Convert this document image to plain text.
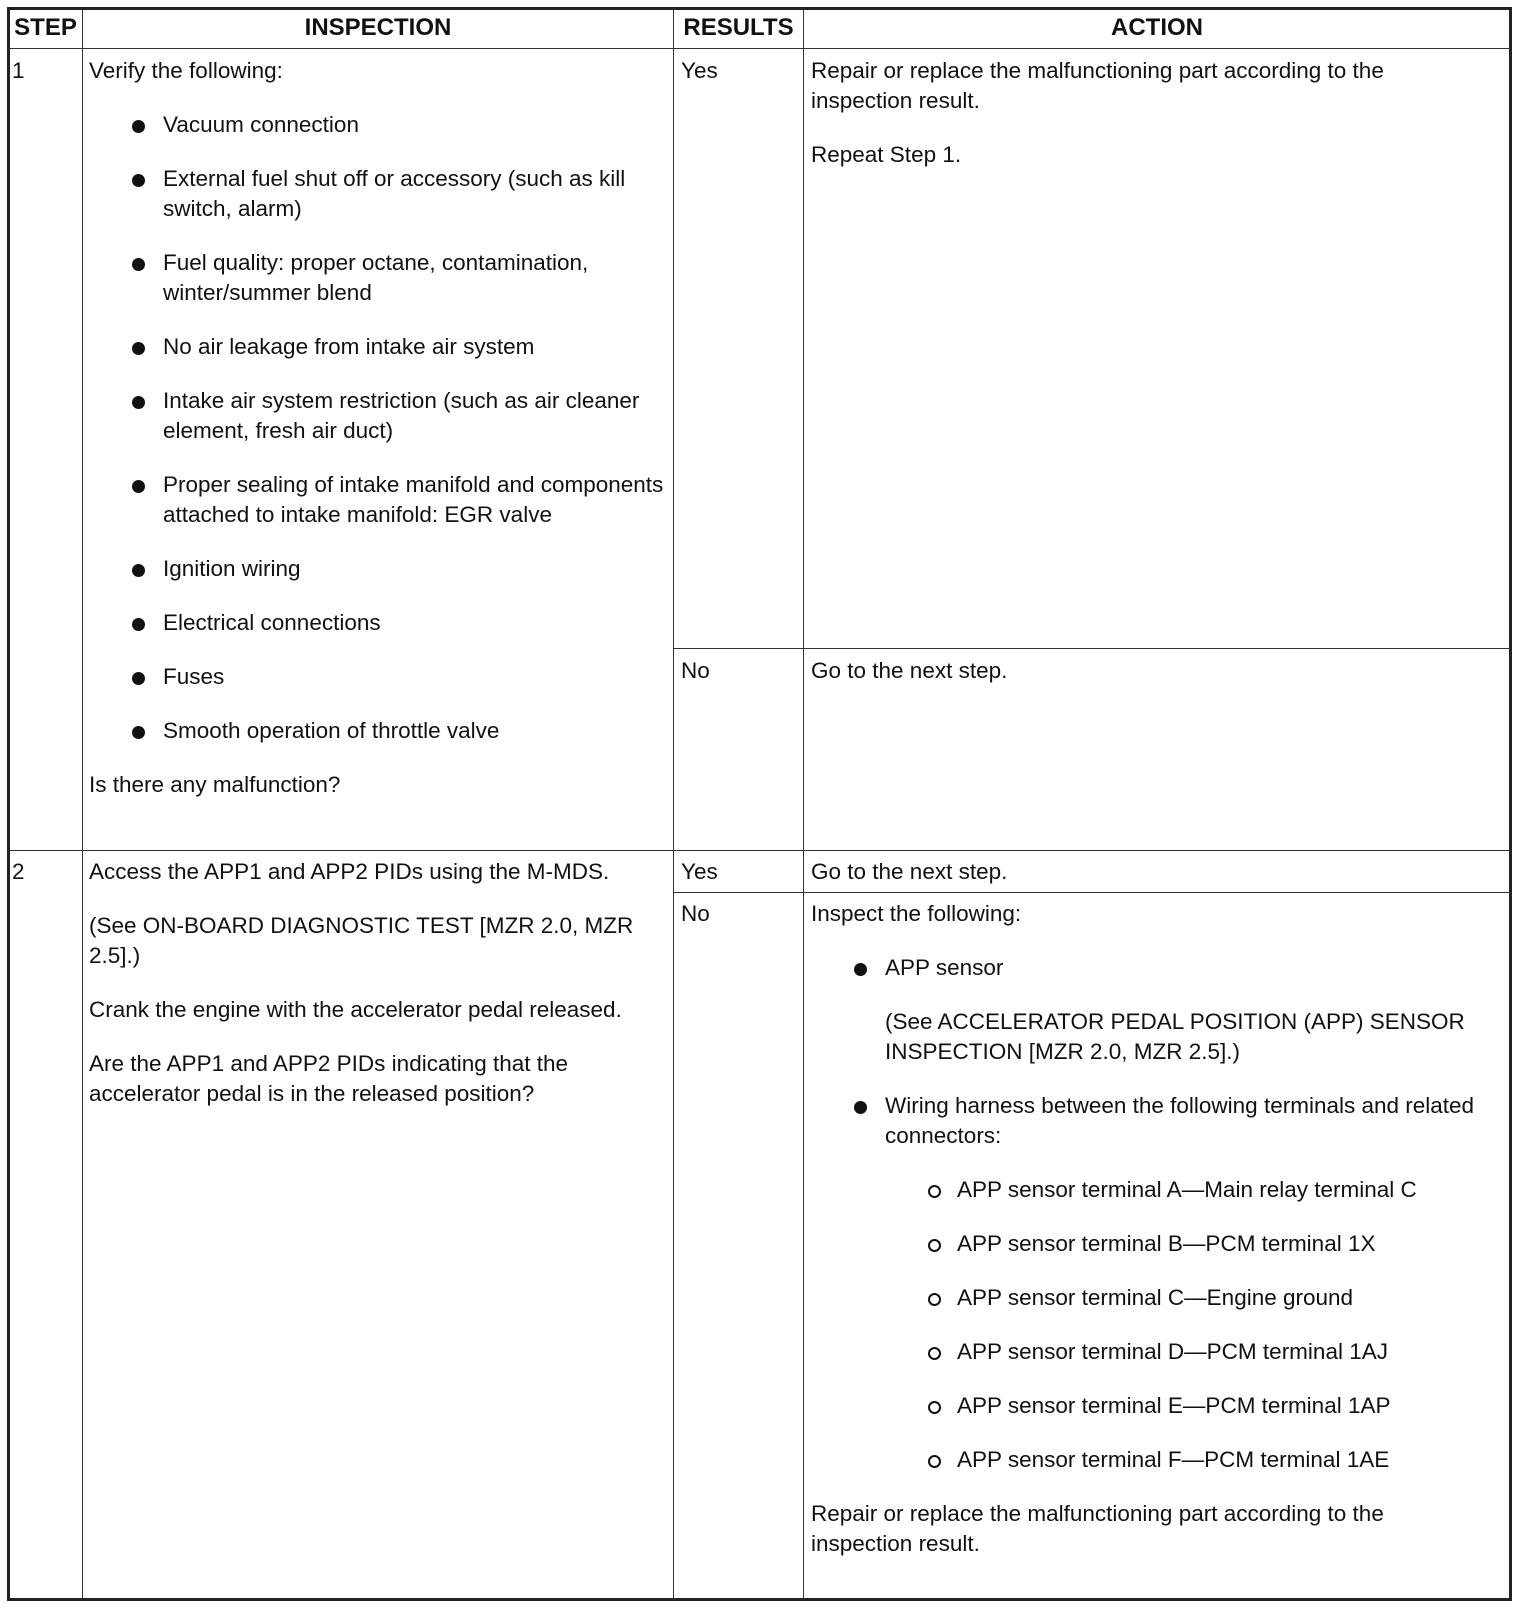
STEP	INSPECTION	RESULTS	ACTION
1	Verify the following:

Vacuum connection
External fuel shut off or accessory (such as kill switch, alarm)
Fuel quality: proper octane, contamination, winter/summer blend
No air leakage from intake air system
Intake air system restriction (such as air cleaner element, fresh air duct)
Proper sealing of intake manifold and components attached to intake manifold: EGR valve
Ignition wiring
Electrical connections
Fuses
Smooth operation of throttle valve

Is there any malfunction?

Yes	Repair or replace the malfunctioning part according to the inspection result.

Repeat Step 1.

No	Go to the next step.
2	Access the APP1 and APP2 PIDs using the M-MDS.

(See ON-BOARD DIAGNOSTIC TEST [MZR 2.0, MZR 2.5].)

Crank the engine with the accelerator pedal released.

Are the APP1 and APP2 PIDs indicating that the accelerator pedal is in the released position?

Yes	Go to the next step.
No	Inspect the following:

APP sensor
(See ACCELERATOR PEDAL POSITION (APP) SENSOR INSPECTION [MZR 2.0, MZR 2.5].)
Wiring harness between the following terminals and related connectors:
APP sensor terminal A—Main relay terminal C
APP sensor terminal B—PCM terminal 1X
APP sensor terminal C—Engine ground
APP sensor terminal D—PCM terminal 1AJ
APP sensor terminal E—PCM terminal 1AP
APP sensor terminal F—PCM terminal 1AE

Repair or replace the malfunctioning part according to the inspection result.
